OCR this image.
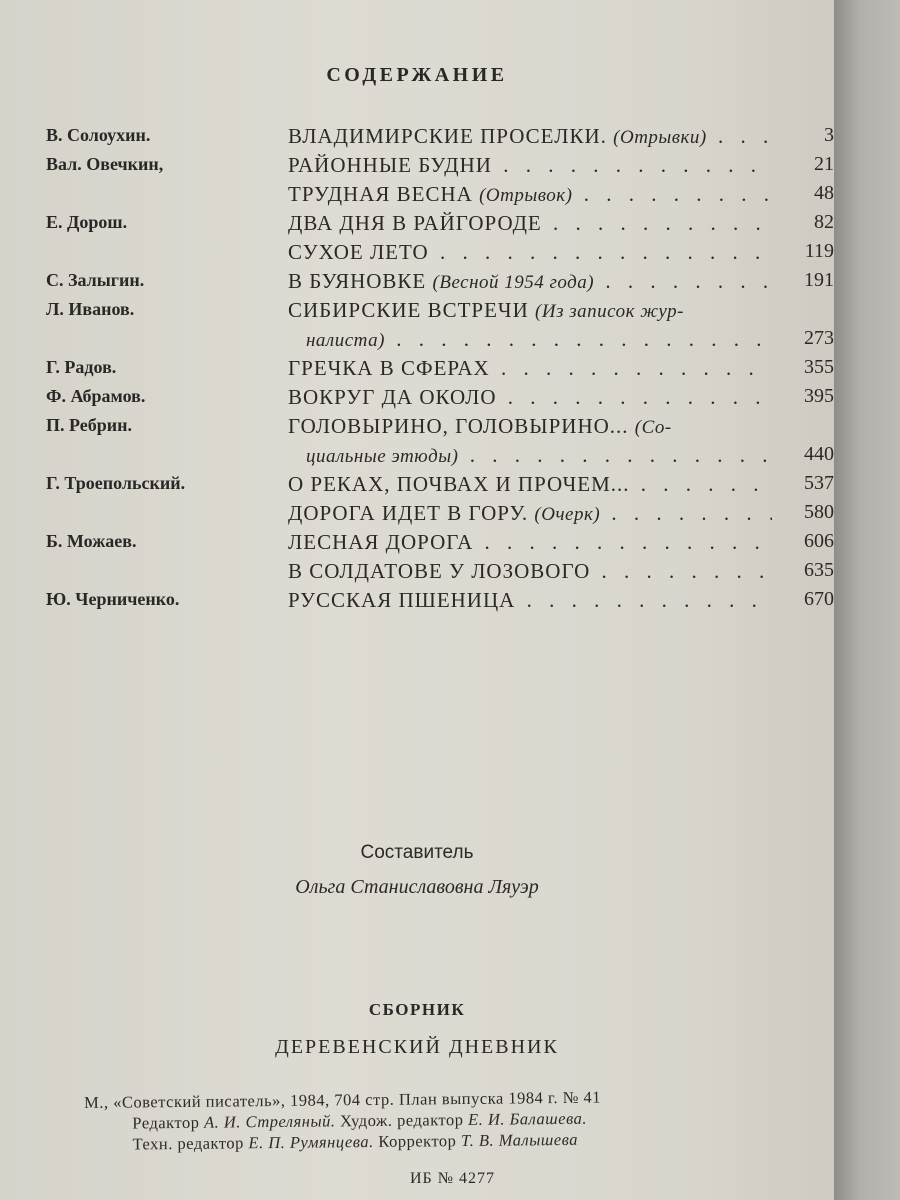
СОДЕРЖАНИЕ
В. Солоухин.	ВЛАДИМИРСКИЕ ПРОСЕЛКИ. (Отрывки) . . .	3
Вал. Овечкин,	РАЙОННЫЕ БУДНИ . . .	21
ТРУДНАЯ ВЕСНА (Отрывок) . . .	48
Е. Дорош.	ДВА ДНЯ В РАЙГОРОДЕ . . .	82
СУХОЕ ЛЕТО . . .	119
С. Залыгин.	В БУЯНОВКЕ (Весной 1954 года) . . .	191
Л. Иванов.	СИБИРСКИЕ ВСТРЕЧИ (Из записок жур-
налиста) . . .	273
Г. Радов.	ГРЕЧКА В СФЕРАХ . . .	355
Ф. Абрамов.	ВОКРУГ ДА ОКОЛО . . .	395
П. Ребрин.	ГОЛОВЫРИНО, ГОЛОВЫРИНО... (Со-
циальные этюды) . . .	440
Г. Троепольский.	О РЕКАХ, ПОЧВАХ И ПРОЧЕМ... . . .	537
ДОРОГА ИДЕТ В ГОРУ. (Очерк) . . .	580
Б. Можаев.	ЛЕСНАЯ ДОРОГА . . .	606
В СОЛДАТОВЕ У ЛОЗОВОГО . . .	635
Ю. Черниченко.	РУССКАЯ ПШЕНИЦА . . .	670
Составитель
Ольга Станиславовна Ляуэр
СБОРНИК
ДЕРЕВЕНСКИЙ ДНЕВНИК
М., «Советский писатель», 1984, 704 стр. План выпуска 1984 г. № 41
Редактор А. И. Стреляный. Худож. редактор Е. И. Балашева.
Техн. редактор Е. П. Румянцева. Корректор Т. В. Малышева
ИБ № 4277
